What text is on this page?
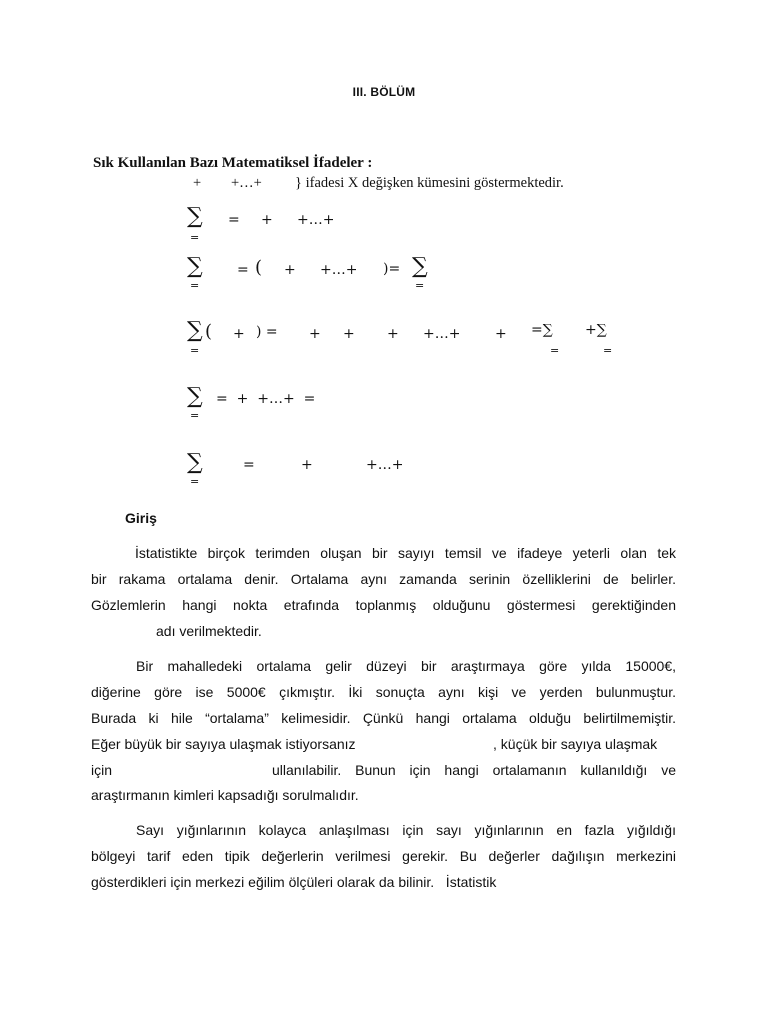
III. BÖLÜM
Sık Kullanılan Bazı Matematiksel İfadeler :
+ +…+ } ifadesi X değişken kümesini göstermektedir.
∑
=
= + +…+
∑
=
= ( + +…+ )= ∑
=
∑
=
( + ) = + + + +…+ + =∑
=
+∑
=
∑
=
=  +  +…+  =
∑
=
=	+	+…+
Giriş
İstatistikte birçok terimden oluşan bir sayıyı temsil ve ifadeye yeterli olan tek
bir rakama ortalama denir. Ortalama aynı zamanda serinin özelliklerini de belirler.
Gözlemlerin hangi nokta etrafında toplanmış olduğunu göstermesi gerektiğinden
adı verilmektedir.
Bir mahalledeki ortalama gelir düzeyi bir araştırmaya göre yılda 15000€,
diğerine göre ise 5000€ çıkmıştır. İki sonuçta aynı kişi ve yerden bulunmuştur.
Burada ki hile “ortalama” kelimesidir. Çünkü hangi ortalama olduğu belirtilmemiştir.
Eğer büyük bir sayıya ulaşmak istiyorsanız	, küçük bir sayıya ulaşmak
için	ullanılabilir. Bunun için hangi ortalamanın kullanıldığı ve
araştırmanın kimleri kapsadığı sorulmalıdır.
Sayı yığınlarının kolayca anlaşılması için sayı yığınlarının en fazla yığıldığı
bölgeyi tarif eden tipik değerlerin verilmesi gerekir. Bu değerler dağılışın merkezini
gösterdikleri için merkezi eğilim ölçüleri olarak da bilinir.   İstatistik
